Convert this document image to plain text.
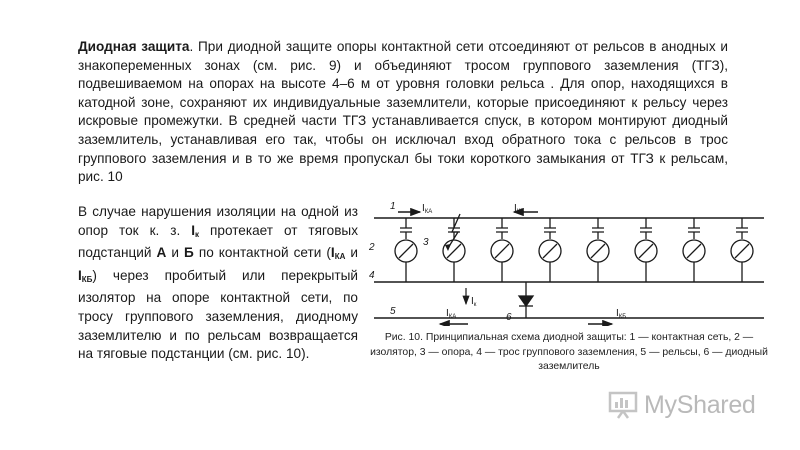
Диодная защита. При диодной защите опоры контактной сети отсоединяют от рельсов в анодных и знакопеременных зонах (см. рис. 9) и объединяют тросом группового заземления (ТГЗ), подвешиваемом на опорах на высоте 4–6 м от уровня головки рельса . Для опор, находящихся в катодной зоне, сохраняют их индивидуальные заземлители, которые присоединяют к рельсу через искровые промежутки. В средней части ТГЗ устанавливается спуск, в котором монтируют диодный заземлитель, устанавливая его так, чтобы он исключал вход обратного тока с рельсов в трос группового заземления и в то же время пропускал бы токи короткого замыкания от ТГЗ к рельсам, рис. 10
В случае нарушения изоляции на одной из опор ток к. з. $I_к$ протекает от тяговых подстанций А и Б по контактной сети ($I_{КА}$ и $I_{КБ}$) через пробитый или перекрытый изолятор на опоре контактной сети, по тросу группового заземления, диодному заземлителю и по рельсам возвращается на тяговые подстанции (см. рис. 10).
1
2	3
4
5
6
$I_{КА}$	$I_{КБ}$
$I_к$
$I_{КА}$	$I_{КБ}$
Рис. 10. Принципиальная схема диодной защиты: 1 — контактная сеть, 2 — изолятор, 3 — опора, 4 — трос группового заземления, 5 — рельсы, 6 — диодный заземлитель
MyShared
